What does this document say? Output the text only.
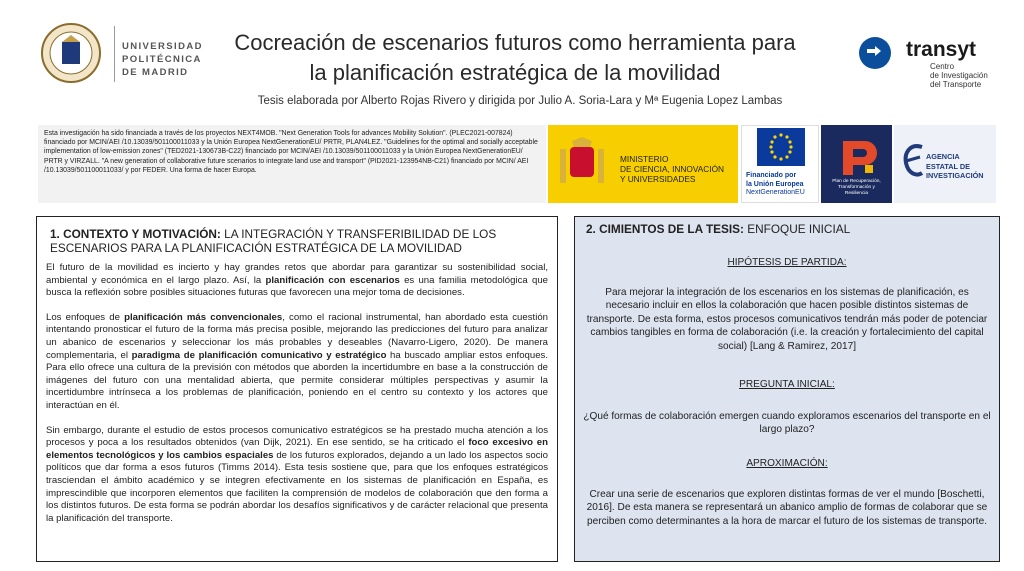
UNIVERSIDAD
POLITÉCNICA
DE MADRID
Cocreación de escenarios futuros como herramienta para
la planificación estratégica de la movilidad
Tesis elaborada por Alberto Rojas Rivero y dirigida por Julio A. Soria-Lara y Mª Eugenia Lopez Lambas
transyt
Centro
de Investigación
del Transporte
Esta investigación ha sido financiada a través de los proyectos NEXT4MOB. "Next Generation Tools for advances Mobility Solution". (PLEC2021-007824) financiado por MCIN/AEI /10.13039/501100011033 y la Unión Europea NextGenerationEU/ PRTR, PLAN4LEZ. "Guidelines for the optimal and socially acceptable implementation of low-emission zones" (TED2021-130673B-C22) financiado por MCIN/AEI /10.13039/501100011033 y la Unión Europea NextGenerationEU/ PRTR y VIRZALL. "A new generation of collaborative future scenarios to integrate land use and transport" (PID2021-123954NB-C21) financiado por MCIN/ AEI /10.13039/501100011033/ y por FEDER. Una forma de hacer Europa.
MINISTERIO
DE CIENCIA, INNOVACIÓN
Y UNIVERSIDADES	Financiado por
la Unión Europea
NextGenerationEU
Plan de Recuperación,
Transformación y
Resiliencia
AGENCIA
ESTATAL DE
INVESTIGACIÓN
1. CONTEXTO Y MOTIVACIÓN: LA INTEGRACIÓN Y TRANSFERIBILIDAD DE LOS ESCENARIOS PARA LA PLANIFICACIÓN ESTRATÉGICA DE LA MOVILIDAD

El futuro de la movilidad es incierto y hay grandes retos que abordar para garantizar su sostenibilidad social, ambiental y económica en el largo plazo. Así, la planificación con escenarios es una familia metodológica que busca la reflexión sobre posibles situaciones futuras que favorecen una mejor toma de decisiones.

Los enfoques de planificación más convencionales, como el racional instrumental, han abordado esta cuestión intentando pronosticar el futuro de la forma más precisa posible, mejorando las predicciones del futuro para analizar un abanico de escenarios y seleccionar los más probables y deseables (Navarro-Ligero, 2020). De manera complementaria, el paradigma de planificación comunicativo y estratégico ha buscado ampliar estos enfoques. Para ello ofrece una cultura de la previsión con métodos que aborden la incertidumbre en base a la construcción de imágenes del futuro con una mentalidad abierta, que permite considerar múltiples perspectivas y asumir la incertidumbre intrínseca a los problemas de planificación, poniendo en el centro su contexto y los actores que interactúan en él.

Sin embargo, durante el estudio de estos procesos comunicativo estratégicos se ha prestado mucha atención a los procesos y poca a los resultados obtenidos (van Dijk, 2021). En ese sentido, se ha criticado el foco excesivo en elementos tecnológicos y los cambios espaciales de los futuros explorados, dejando a un lado los aspectos socio políticos que dar forma a esos futuros (Timms 2014). Esta tesis sostiene que, para que los enfoques estratégicos trasciendan el ámbito académico y se integren efectivamente en los sistemas de planificación en España, es imprescindible que incorporen elementos que faciliten la comprensión de modelos de colaboración que den forma a los distintos futuros. De esta forma se podrán abordar los desafíos significativos y de carácter relacional que presenta la planificación del transporte.

2. CIMIENTOS DE LA TESIS: ENFOQUE INICIAL
HIPÓTESIS DE PARTIDA:
Para mejorar la integración de los escenarios en los sistemas de planificación, es necesario incluir en ellos la colaboración que hacen posible distintos sistemas de transporte. De esta forma, estos procesos comunicativos tendrán más poder de potenciar cambios tangibles en forma de colaboración (i.e. la creación y fortalecimiento del capital social) [Lang & Ramirez, 2017]
PREGUNTA INICIAL:
¿Qué formas de colaboración emergen cuando exploramos escenarios del transporte en el largo plazo?
APROXIMACIÓN:
Crear una serie de escenarios que exploren distintas formas de ver el mundo [Boschetti, 2016]. De esta manera se representará un abanico amplio de formas de colaborar que se perciben como determinantes a la hora de marcar el futuro de los sistemas de transporte.
